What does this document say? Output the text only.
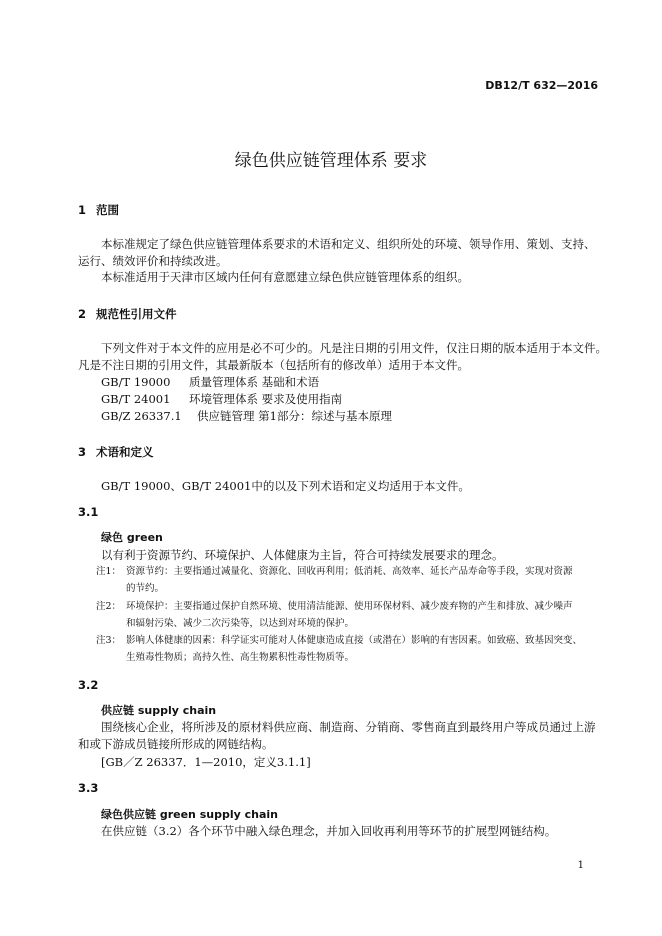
DB12/T 632—2016
绿色供应链管理体系 要求
1 范围
本标准规定了绿色供应链管理体系要求的术语和定义、组织所处的环境、领导作用、策划、支持、
运行、绩效评价和持续改进。
本标准适用于天津市区域内任何有意愿建立绿色供应链管理体系的组织。
2 规范性引用文件
下列文件对于本文件的应用是必不可少的。凡是注日期的引用文件，仅注日期的版本适用于本文件。
凡是不注日期的引用文件，其最新版本（包括所有的修改单）适用于本文件。
GB/T 19000 质量管理体系 基础和术语
GB/T 24001 环境管理体系 要求及使用指南
GB/Z 26337.1 供应链管理 第1部分：综述与基本原理
3 术语和定义
GB/T 19000、GB/T 24001中的以及下列术语和定义均适用于本文件。
3.1
绿色 green
以有利于资源节约、环境保护、人体健康为主旨，符合可持续发展要求的理念。
注1： 资源节约：主要指通过减量化、资源化、回收再利用；低消耗、高效率、延长产品寿命等手段，实现对资源
的节约。
注2： 环境保护：主要指通过保护自然环境、使用清洁能源、使用环保材料、减少废弃物的产生和排放、减少噪声
和辐射污染、减少二次污染等，以达到对环境的保护。
注3： 影响人体健康的因素：科学证实可能对人体健康造成直接（或潜在）影响的有害因素。如致癌、致基因突变、
生殖毒性物质；高持久性、高生物累积性毒性物质等。
3.2
供应链 supply chain
围绕核心企业，将所涉及的原材料供应商、制造商、分销商、零售商直到最终用户等成员通过上游
和或下游成员链接所形成的网链结构。
[GB／Z 26337．1—2010，定义3.1.1]
3.3
绿色供应链 green supply chain
在供应链（3.2）各个环节中融入绿色理念，并加入回收再利用等环节的扩展型网链结构。
1
